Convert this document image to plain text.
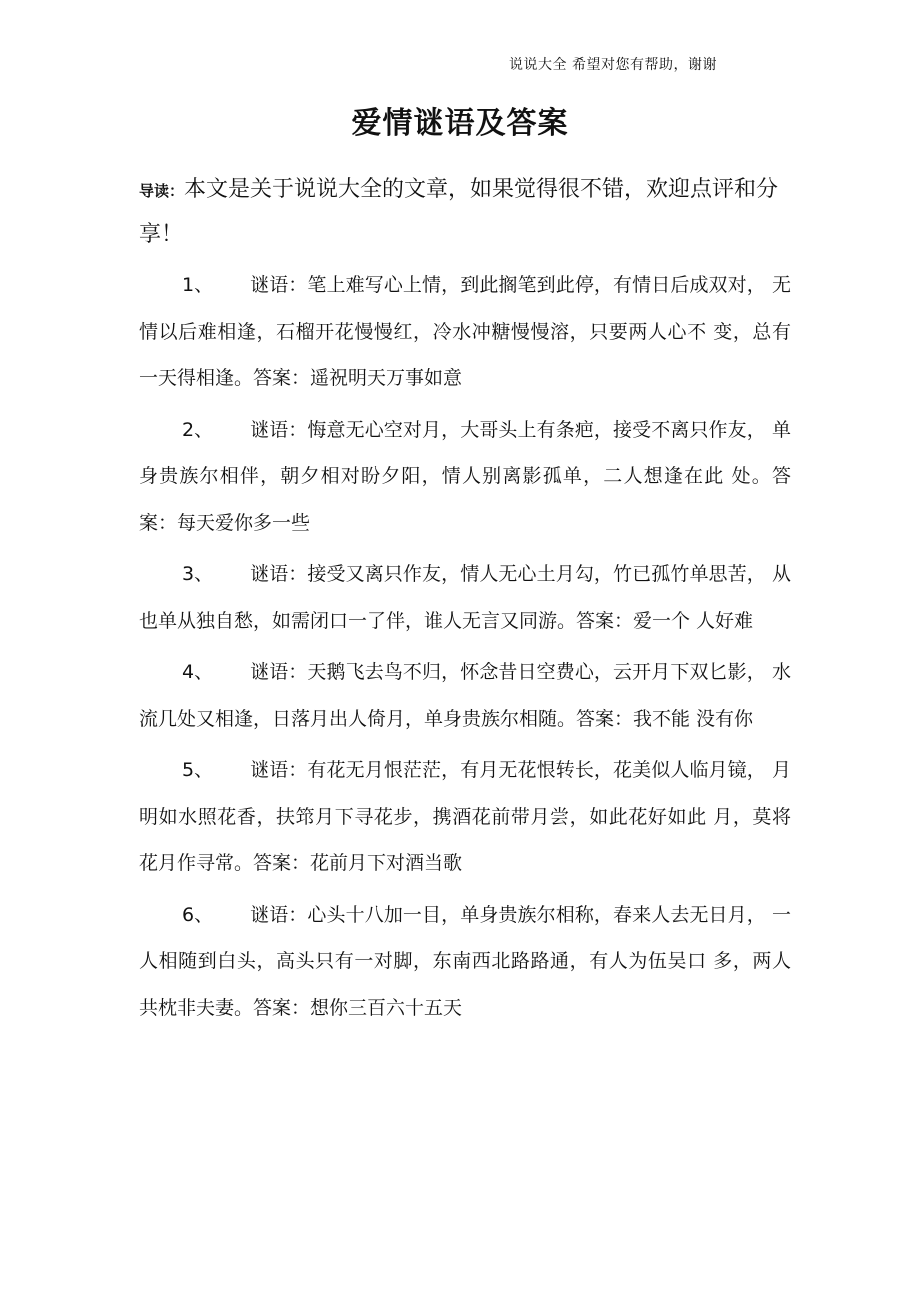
说说大全 希望对您有帮助，谢谢
爱情谜语及答案
导读：本文是关于说说大全的文章，如果觉得很不错，欢迎点评和分享！
1、 谜语：笔上难写心上情，到此搁笔到此停，有情日后成双对， 无情以后难相逢，石榴开花慢慢红，冷水冲糖慢慢溶，只要两人心不 变，总有一天得相逢。答案：遥祝明天万事如意
2、 谜语：悔意无心空对月，大哥头上有条疤，接受不离只作友， 单身贵族尔相伴，朝夕相对盼夕阳，情人别离影孤单，二人想逢在此 处。答案：每天爱你多一些
3、 谜语：接受又离只作友，情人无心土月勾，竹已孤竹单思苦， 从也单从独自愁，如需闭口一了伴，谁人无言又同游。答案：爱一个 人好难
4、 谜语：天鹅飞去鸟不归，怀念昔日空费心，云开月下双匕影， 水流几处又相逢，日落月出人倚月，单身贵族尔相随。答案：我不能 没有你
5、 谜语：有花无月恨茫茫，有月无花恨转长，花美似人临月镜， 月明如水照花香，扶筇月下寻花步，携酒花前带月尝，如此花好如此 月，莫将花月作寻常。答案：花前月下对酒当歌
6、 谜语：心头十八加一目，单身贵族尔相称，春来人去无日月， 一人相随到白头，高头只有一对脚，东南西北路路通，有人为伍吴口 多，两人共枕非夫妻。答案：想你三百六十五天
